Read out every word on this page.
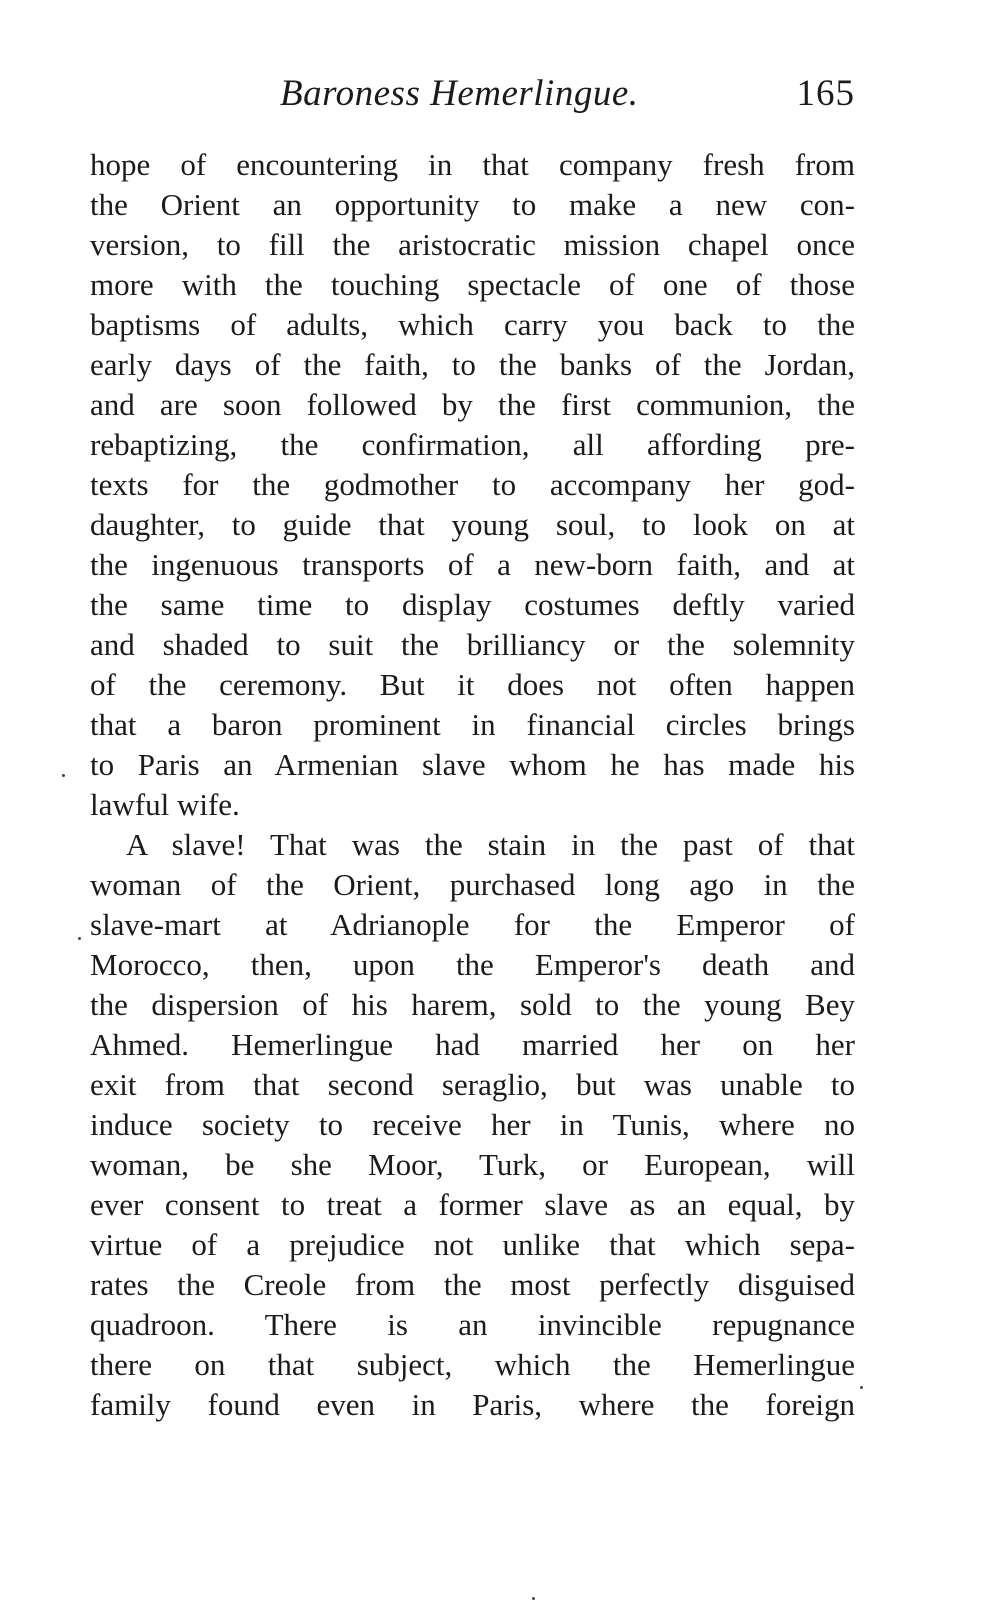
Baroness Hemerlingue.	165
hope of encountering in that company fresh from
the Orient an opportunity to make a new con-
version, to fill the aristocratic mission chapel once
more with the touching spectacle of one of those
baptisms of adults, which carry you back to the
early days of the faith, to the banks of the Jordan,
and are soon followed by the first communion, the
rebaptizing, the confirmation, all affording pre-
texts for the godmother to accompany her god-
daughter, to guide that young soul, to look on at
the ingenuous transports of a new-born faith, and at
the same time to display costumes deftly varied
and shaded to suit the brilliancy or the solemnity
of the ceremony. But it does not often happen
that a baron prominent in financial circles brings
to Paris an Armenian slave whom he has made his
lawful wife.
A slave! That was the stain in the past of that
woman of the Orient, purchased long ago in the
slave-mart at Adrianople for the Emperor of
Morocco, then, upon the Emperor's death and
the dispersion of his harem, sold to the young Bey
Ahmed. Hemerlingue had married her on her
exit from that second seraglio, but was unable to
induce society to receive her in Tunis, where no
woman, be she Moor, Turk, or European, will
ever consent to treat a former slave as an equal, by
virtue of a prejudice not unlike that which sepa-
rates the Creole from the most perfectly disguised
quadroon. There is an invincible repugnance
there on that subject, which the Hemerlingue
family found even in Paris, where the foreign
